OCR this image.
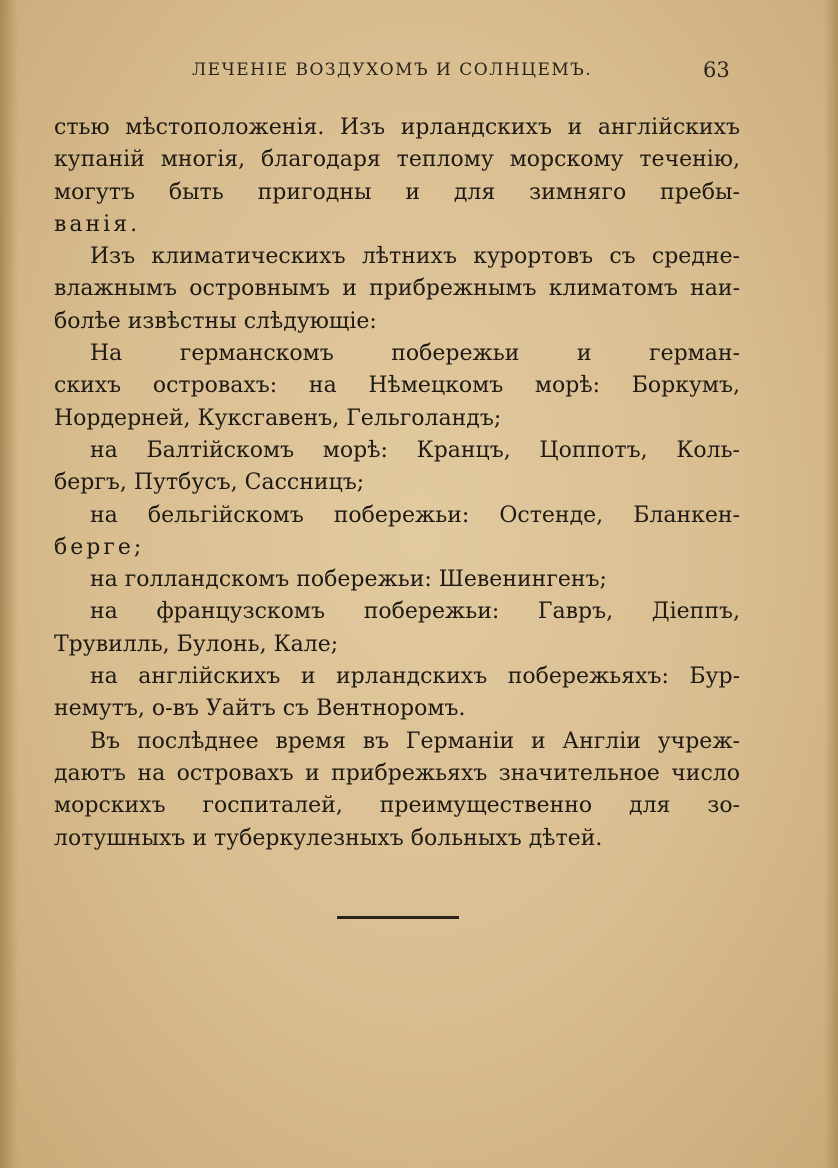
ЛЕЧЕНІЕ ВОЗДУХОМЪ И СОЛНЦЕМЪ.	63
стью мѣстоположенія. Изъ ирландскихъ и англійскихъ
купаній многія, благодаря теплому морскому теченію,
могутъ быть пригодны и для зимняго пребы-
ванія.
Изъ климатическихъ лѣтнихъ курортовъ съ средне-
влажнымъ островнымъ и прибрежнымъ климатомъ наи-
болѣе извѣстны слѣдующіе:
На германскомъ побережьи и герман-
скихъ островахъ: на Нѣмецкомъ морѣ: Боркумъ,
Нордерней, Куксгавенъ, Гельголандъ;
на Балтійскомъ морѣ: Кранцъ, Цоппотъ, Коль-
бергъ, Путбусъ, Сассницъ;
на бельгійскомъ побережьи: Остенде, Бланкен-
берге;
на голландскомъ побережьи: Шевенингенъ;
на французскомъ побережьи: Гавръ, Діеппъ,
Трувилль, Булонь, Кале;
на англійскихъ и ирландскихъ побережьяхъ: Бур-
немутъ, о-въ Уайтъ съ Вентноромъ.
Въ послѣднее время въ Германіи и Англіи учреж-
даютъ на островахъ и прибрежьяхъ значительное число
морскихъ госпиталей, преимущественно для зо-
лотушныхъ и туберкулезныхъ больныхъ дѣтей.
